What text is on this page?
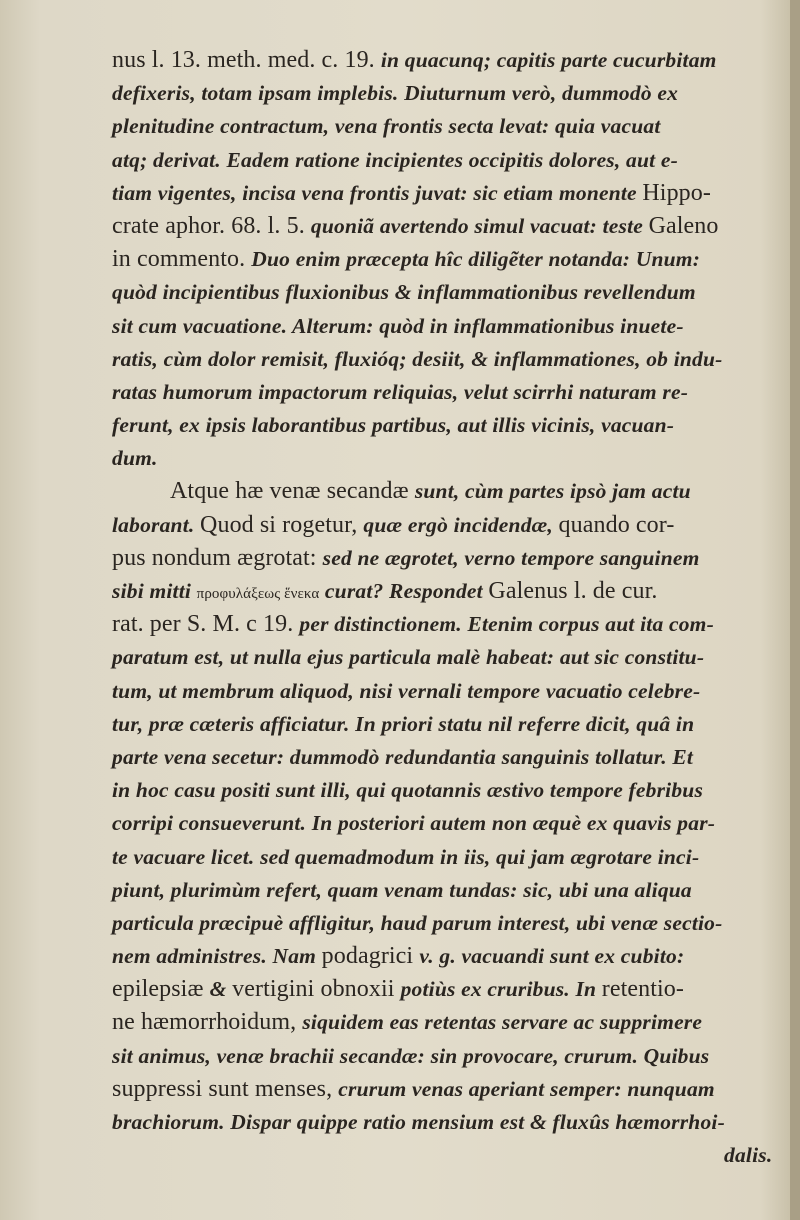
nus l. 13. meth. med. c. 19. in quacunq; capitis parte cucurbitam
defixeris, totam ipsam implebis. Diuturnum verò, dummodò ex
plenitudine contractum, vena frontis secta levat: quia vacuat
atq; derivat. Eadem ratione incipientes occipitis dolores, aut e-
tiam vigentes, incisa vena frontis juvat: sic etiam monente Hippo-
crate aphor. 68. l. 5. quoniã avertendo simul vacuat: teste Galeno
in commento. Duo enim præcepta hîc diligẽter notanda: Unum:
quòd incipientibus fluxionibus & inflammationibus revellendum
sit cum vacuatione. Alterum: quòd in inflammationibus inuete-
ratis, cùm dolor remisit, fluxióq; desiit, & inflammationes, ob indu-
ratas humorum impactorum reliquias, velut scirrhi naturam re-
ferunt, ex ipsis laborantibus partibus, aut illis vicinis, vacuan-
dum.
Atque hæ venæ secandæ sunt, cùm partes ipsò jam actu
laborant. Quod si rogetur, quæ ergò incidendæ, quando cor-
pus nondum ægrotat: sed ne ægrotet, verno tempore sanguinem
sibi mitti προφυλάξεως ἕνεκα curat? Respondet Galenus l. de cur.
rat. per S. M. c 19. per distinctionem. Etenim corpus aut ita com-
paratum est, ut nulla ejus particula malè habeat: aut sic constitu-
tum, ut membrum aliquod, nisi vernali tempore vacuatio celebre-
tur, præ cæteris afficiatur. In priori statu nil referre dicit, quâ in
parte vena secetur: dummodò redundantia sanguinis tollatur. Et
in hoc casu positi sunt illi, qui quotannis æstivo tempore febribus
corripi consueverunt. In posteriori autem non æquè ex quavis par-
te vacuare licet. sed quemadmodum in iis, qui jam ægrotare inci-
piunt, plurimùm refert, quam venam tundas: sic, ubi una aliqua
particula præcipuè affligitur, haud parum interest, ubi venæ sectio-
nem administres. Nam podagrici v. g. vacuandi sunt ex cubito:
epilepsiæ & vertigini obnoxii potiùs ex cruribus. In retentio-
ne hæmorrhoidum, siquidem eas retentas servare ac supprimere
sit animus, venæ brachii secandæ: sin provocare, crurum. Quibus
suppressi sunt menses, crurum venas aperiant semper: nunquam
brachiorum. Dispar quippe ratio mensium est & fluxûs hæmorrhoi-
dalis.
